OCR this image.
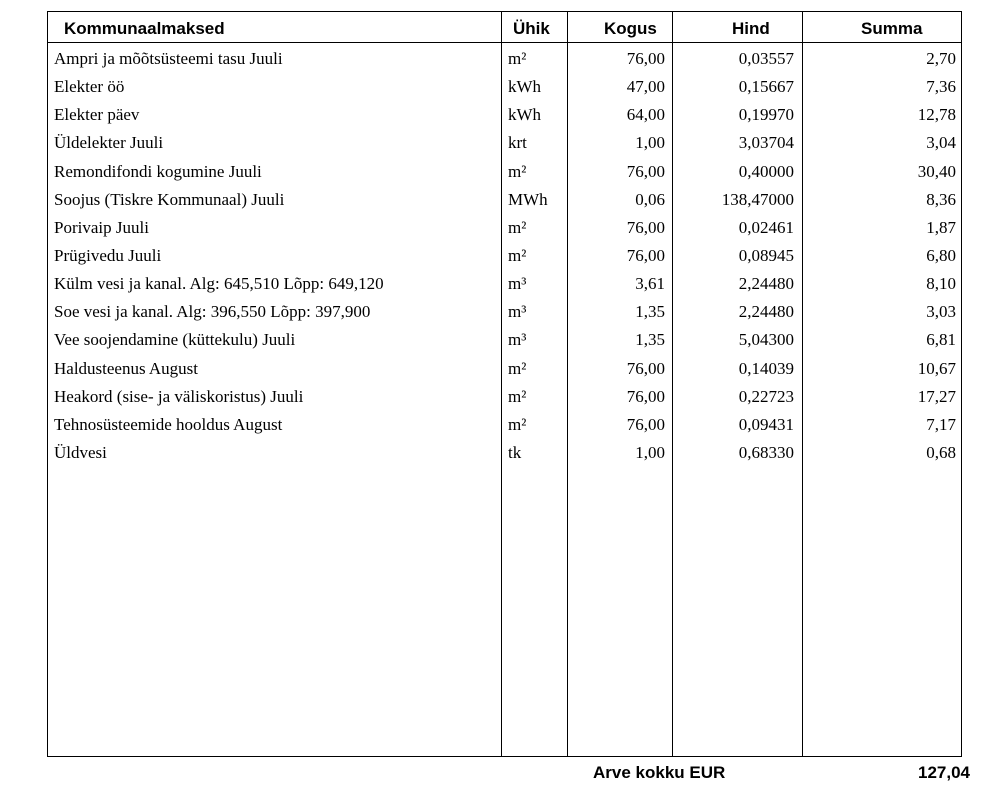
Kommunaalmaksed	Ühik	Kogus	Hind	Summa
Ampri ja mõõtsüsteemi tasu Juuli	m²	76,00	0,03557	2,70
Elekter öö	kWh	47,00	0,15667	7,36
Elekter päev	kWh	64,00	0,19970	12,78
Üldelekter Juuli	krt	1,00	3,03704	3,04
Remondifondi kogumine Juuli	m²	76,00	0,40000	30,40
Soojus (Tiskre Kommunaal) Juuli	MWh	0,06	138,47000	8,36
Porivaip Juuli	m²	76,00	0,02461	1,87
Prügivedu Juuli	m²	76,00	0,08945	6,80
Külm vesi ja kanal. Alg: 645,510 Lõpp: 649,120	m³	3,61	2,24480	8,10
Soe vesi ja kanal. Alg: 396,550 Lõpp: 397,900	m³	1,35	2,24480	3,03
Vee soojendamine (küttekulu) Juuli	m³	1,35	5,04300	6,81
Haldusteenus August	m²	76,00	0,14039	10,67
Heakord (sise- ja väliskoristus) Juuli	m²	76,00	0,22723	17,27
Tehnosüsteemide hooldus August	m²	76,00	0,09431	7,17
Üldvesi	tk	1,00	0,68330	0,68
Arve kokku EUR	127,04
